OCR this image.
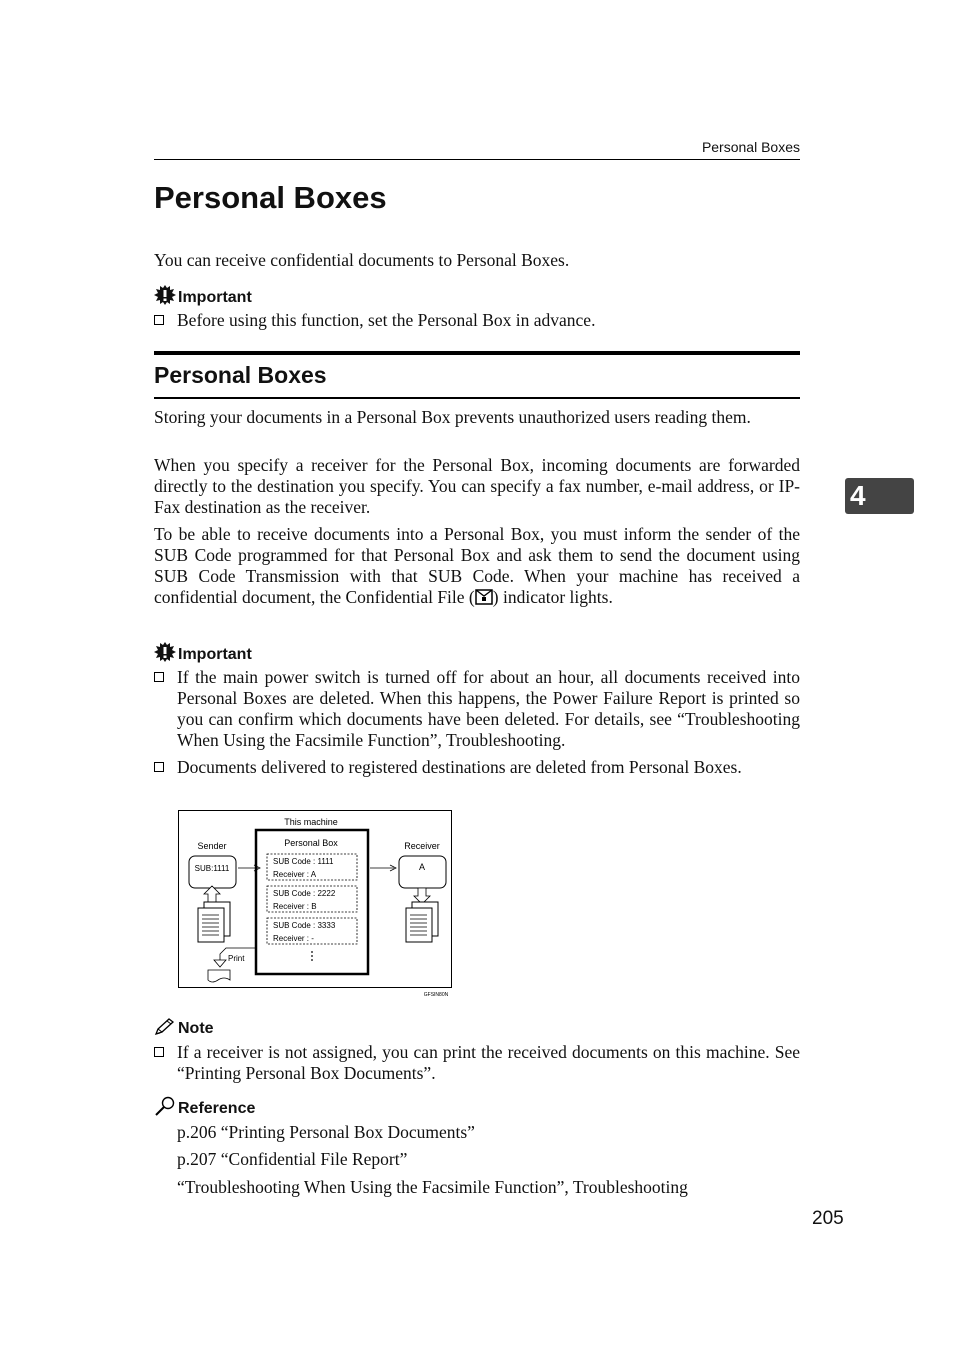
Personal Boxes
Personal Boxes

You can receive confidential documents to Personal Boxes.

Important
Before using this function, set the Personal Box in advance.
Personal Boxes

Storing your documents in a Personal Box prevents unauthorized users reading them.

When you specify a receiver for the Personal Box, incoming documents are forwarded directly to the destination you specify. You can specify a fax number, e-mail address, or IP-Fax destination as the receiver.

To be able to receive documents into a Personal Box, you must inform the sender of the SUB Code programmed for that Personal Box and ask them to send the document using SUB Code Transmission with that SUB Code. When your machine has received a confidential document, the Confidential File ( ) indicator lights.

Important
If the main power switch is turned off for about an hour, all documents received into Personal Boxes are deleted. When this happens, the Power Failure Report is printed so you can confirm which documents have been deleted. For details, see “Troubleshooting When Using the Facsimile Function”, Troubleshooting.
Documents delivered to registered destinations are deleted from Personal Boxes.
This machine
Personal Box
SUB Code : 1111
Receiver : A
SUB Code : 2222
Receiver : B
SUB Code : 3333
Receiver : -
Sender
SUB:1111
Receiver
A
Print
GFSIN80N
Note
If a receiver is not assigned, you can print the received documents on this machine. See “Printing Personal Box Documents”.
Reference
p.206 “Printing Personal Box Documents”
p.207 “Confidential File Report”
“Troubleshooting When Using the Facsimile Function”, Troubleshooting
4
205
